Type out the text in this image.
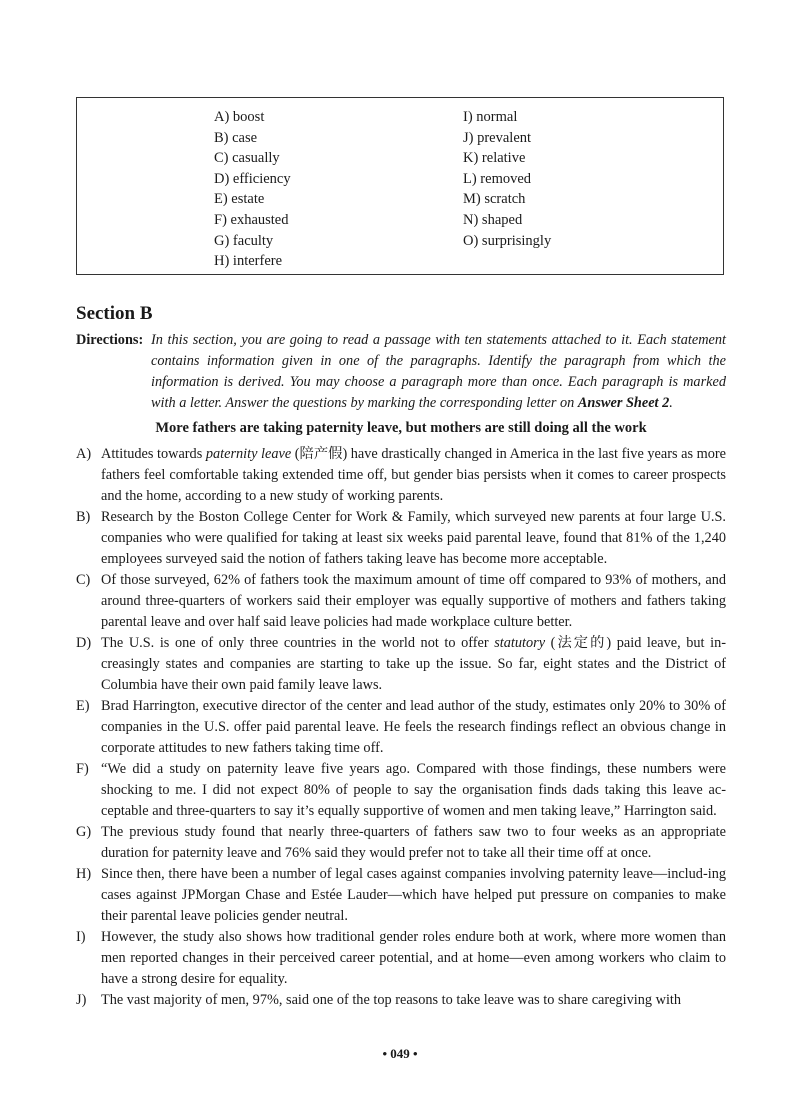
A) boost
B) case
C) casually
D) efficiency
E) estate
F) exhausted
G) faculty
H) interfere
I) normal
J) prevalent
K) relative
L) removed
M) scratch
N) shaped
O) surprisingly
Section B
Directions: In this section, you are going to read a passage with ten statements attached to it. Each statement contains information given in one of the paragraphs. Identify the paragraph from which the information is derived. You may choose a paragraph more than once. Each paragraph is marked with a letter. Answer the questions by marking the corresponding letter on Answer Sheet 2.
More fathers are taking paternity leave, but mothers are still doing all the work

A) Attitudes towards paternity leave (陪产假) have drastically changed in America in the last five years as more fathers feel comfortable taking extended time off, but gender bias persists when it comes to career prospects and the home, according to a new study of working parents.

B) Research by the Boston College Center for Work & Family, which surveyed new parents at four large U.S. companies who were qualified for taking at least six weeks paid parental leave, found that 81% of the 1,240 employees surveyed said the notion of fathers taking leave has become more acceptable.

C) Of those surveyed, 62% of fathers took the maximum amount of time off compared to 93% of mothers, and around three-quarters of workers said their employer was equally supportive of mothers and fathers taking parental leave and over half said leave policies had made workplace culture better.

D) The U.S. is one of only three countries in the world not to offer statutory (法定的) paid leave, but in-creasingly states and companies are starting to take up the issue. So far, eight states and the District of Columbia have their own paid family leave laws.

E) Brad Harrington, executive director of the center and lead author of the study, estimates only 20% to 30% of companies in the U.S. offer paid parental leave. He feels the research findings reflect an obvious change in corporate attitudes to new fathers taking time off.

F) “We did a study on paternity leave five years ago. Compared with those findings, these numbers were shocking to me. I did not expect 80% of people to say the organisation finds dads taking this leave ac-ceptable and three-quarters to say it’s equally supportive of women and men taking leave,” Harrington said.

G) The previous study found that nearly three-quarters of fathers saw two to four weeks as an appropriate duration for paternity leave and 76% said they would prefer not to take all their time off at once.

H) Since then, there have been a number of legal cases against companies involving paternity leave—includ-ing cases against JPMorgan Chase and Estée Lauder—which have helped put pressure on companies to make their parental leave policies gender neutral.

I) However, the study also shows how traditional gender roles endure both at work, where more women than men reported changes in their perceived career potential, and at home—even among workers who claim to have a strong desire for equality.

J) The vast majority of men, 97%, said one of the top reasons to take leave was to share caregiving with

• 049 •
